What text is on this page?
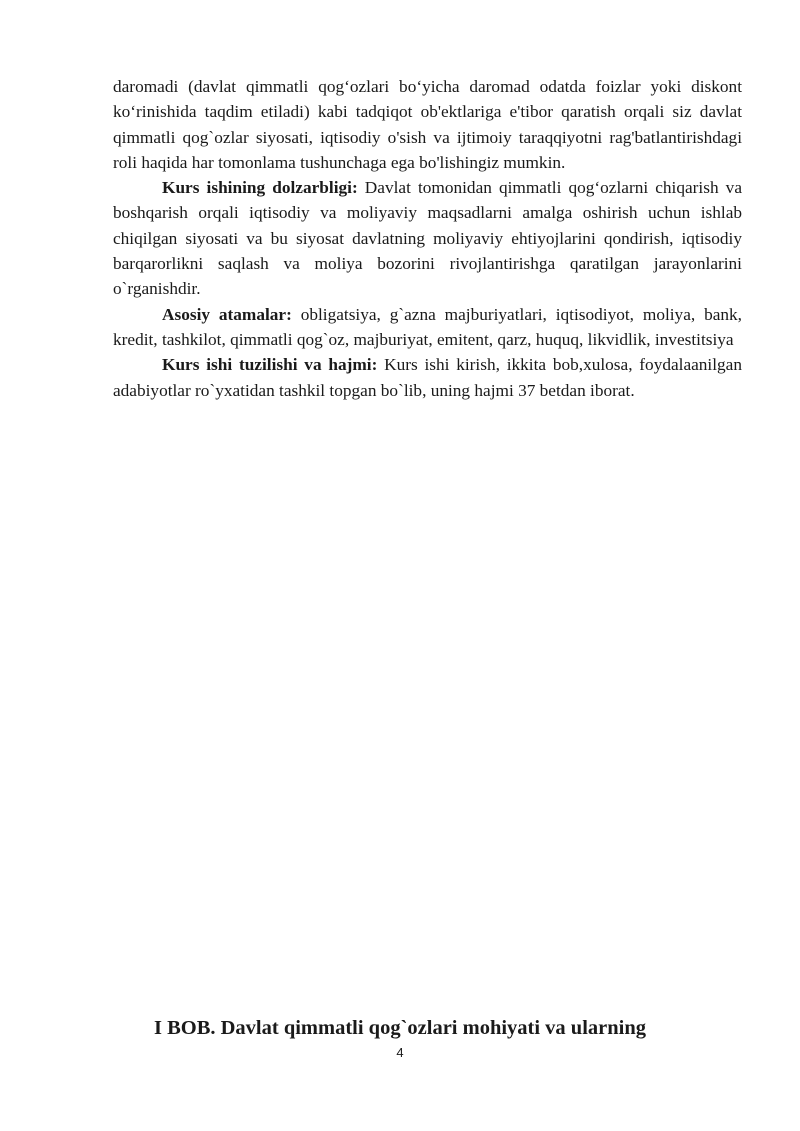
daromadi (davlat qimmatli qog‘ozlari bo‘yicha daromad odatda foizlar yoki diskont ko‘rinishida taqdim etiladi) kabi tadqiqot ob'ektlariga e'tibor qaratish orqali siz davlat qimmatli qog`ozlar siyosati, iqtisodiy o'sish va ijtimoiy taraqqiyotni rag'batlantirishdagi roli haqida har tomonlama tushunchaga ega bo'lishingiz mumkin.

Kurs ishining dolzarbligi: Davlat tomonidan qimmatli qog‘ozlarni chiqarish va boshqarish orqali iqtisodiy va moliyaviy maqsadlarni amalga oshirish uchun ishlab chiqilgan siyosati va bu siyosat davlatning moliyaviy ehtiyojlarini qondirish, iqtisodiy barqarorlikni saqlash va moliya bozorini rivojlantirishga qaratilgan jarayonlarini o`rganishdir.

Asosiy atamalar: obligatsiya, g`azna majburiyatlari, iqtisodiyot, moliya, bank, kredit, tashkilot, qimmatli qog`oz, majburiyat, emitent, qarz, huquq, likvidlik, investitsiya

Kurs ishi tuzilishi va hajmi: Kurs ishi kirish, ikkita bob,xulosa, foydalaanilgan adabiyotlar ro`yxatidan tashkil topgan bo`lib, uning hajmi 37 betdan iborat.

I BOB. Davlat qimmatli qog`ozlari mohiyati va ularning
4
